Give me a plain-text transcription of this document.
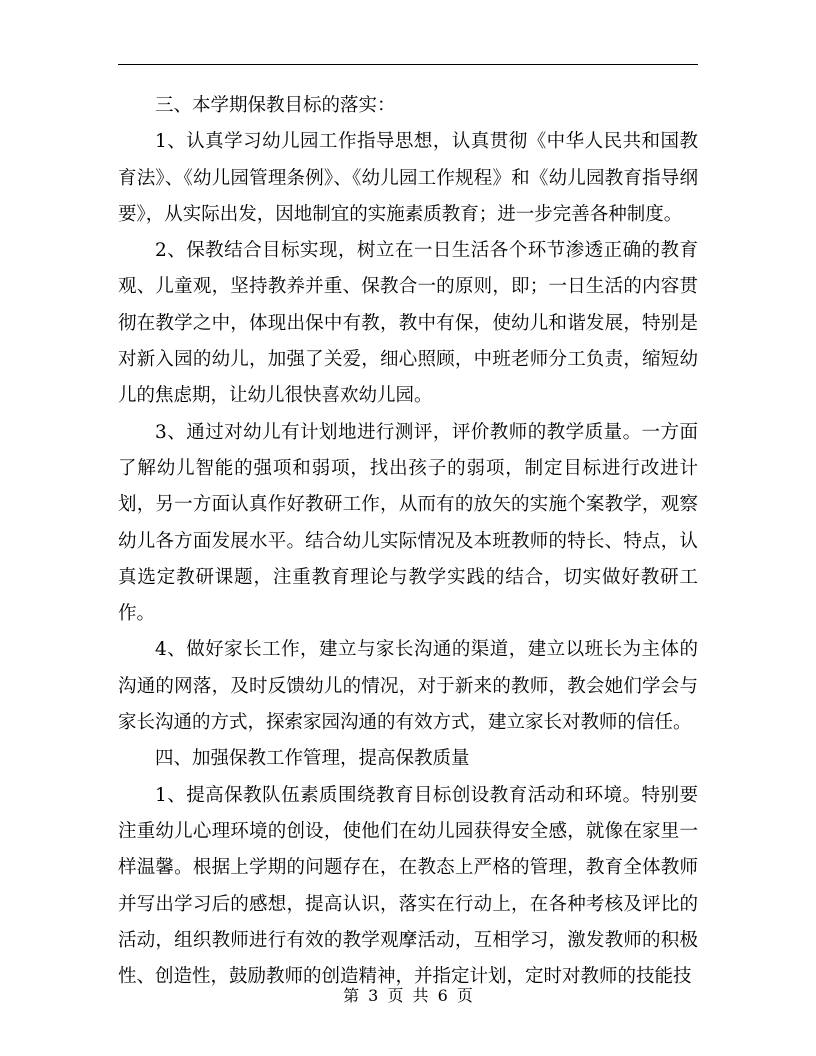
三、本学期保教目标的落实：

1、认真学习幼儿园工作指导思想，认真贯彻《中华人民共和国教育法》、《幼儿园管理条例》、《幼儿园工作规程》和《幼儿园教育指导纲要》，从实际出发，因地制宜的实施素质教育；进一步完善各种制度。

2、保教结合目标实现，树立在一日生活各个环节渗透正确的教育观、儿童观，坚持教养并重、保教合一的原则，即；一日生活的内容贯彻在教学之中，体现出保中有教，教中有保，使幼儿和谐发展，特别是对新入园的幼儿，加强了关爱，细心照顾，中班老师分工负责，缩短幼儿的焦虑期，让幼儿很快喜欢幼儿园。

3、通过对幼儿有计划地进行测评，评价教师的教学质量。一方面了解幼儿智能的强项和弱项，找出孩子的弱项，制定目标进行改进计划，另一方面认真作好教研工作，从而有的放矢的实施个案教学，观察幼儿各方面发展水平。结合幼儿实际情况及本班教师的特长、特点，认真选定教研课题，注重教育理论与教学实践的结合，切实做好教研工作。

4、做好家长工作，建立与家长沟通的渠道，建立以班长为主体的沟通的网落，及时反馈幼儿的情况，对于新来的教师，教会她们学会与家长沟通的方式，探索家园沟通的有效方式，建立家长对教师的信任。

四、加强保教工作管理，提高保教质量

1、提高保教队伍素质围绕教育目标创设教育活动和环境。特别要注重幼儿心理环境的创设，使他们在幼儿园获得安全感，就像在家里一样温馨。根据上学期的问题存在，在教态上严格的管理，教育全体教师并写出学习后的感想，提高认识，落实在行动上，在各种考核及评比的活动，组织教师进行有效的教学观摩活动，互相学习，激发教师的积极性、创造性，鼓励教师的创造精神，并指定计划，定时对教师的技能技

第 3 页 共 6 页
